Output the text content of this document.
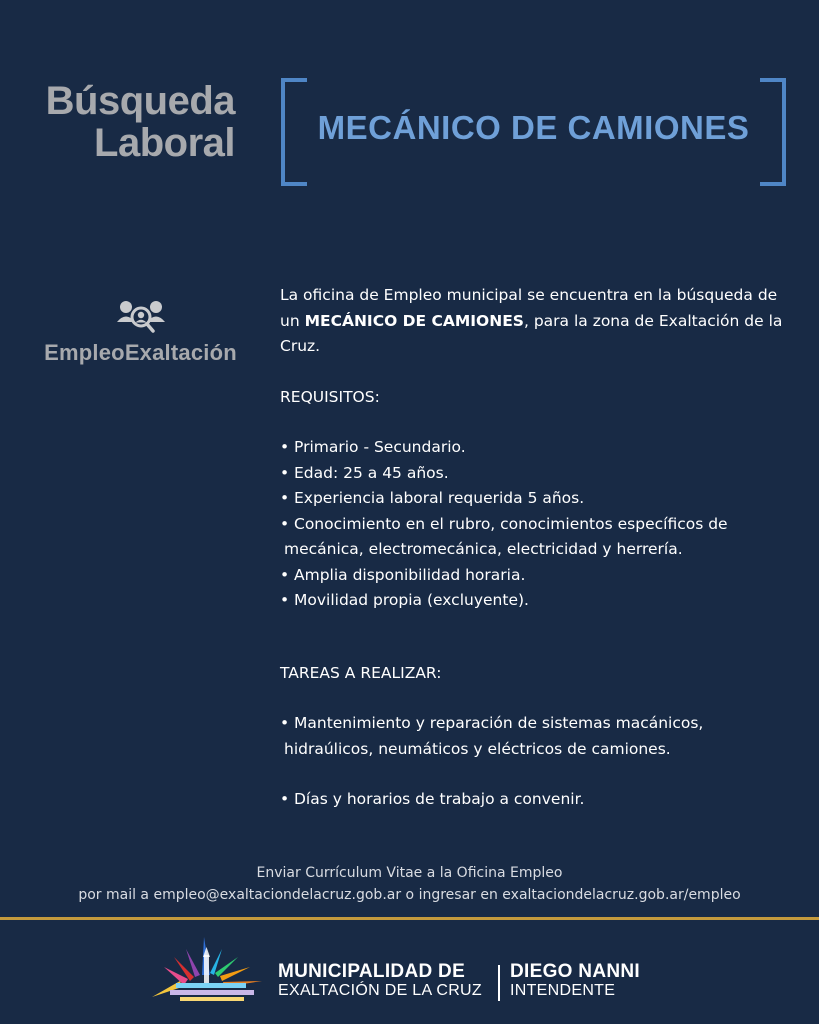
Búsqueda
Laboral	MECÁNICO DE CAMIONES
EmpleoExaltación

La oficina de Empleo municipal se encuentra en la búsqueda de un MECÁNICO DE CAMIONES, para la zona de Exaltación de la Cruz.

REQUISITOS:

• Primario - Secundario.
• Edad: 25 a 45 años.
• Experiencia laboral requerida 5 años.
• Conocimiento en el rubro, conocimientos específicos de
mecánica, electromecánica, electricidad y herrería.
• Amplia disponibilidad horaria.
• Movilidad propia (excluyente).

TAREAS A REALIZAR:

• Mantenimiento y reparación de sistemas macánicos,
hidraúlicos, neumáticos y eléctricos de camiones.
• Días y horarios de trabajo a convenir.
Enviar Currículum Vitae a la Oficina Empleo
por mail a empleo@exaltaciondelacruz.gob.ar o ingresar en exaltaciondelacruz.gob.ar/empleo
MUNICIPALIDAD DE
EXALTACIÓN DE LA CRUZ
DIEGO NANNI
INTENDENTE
